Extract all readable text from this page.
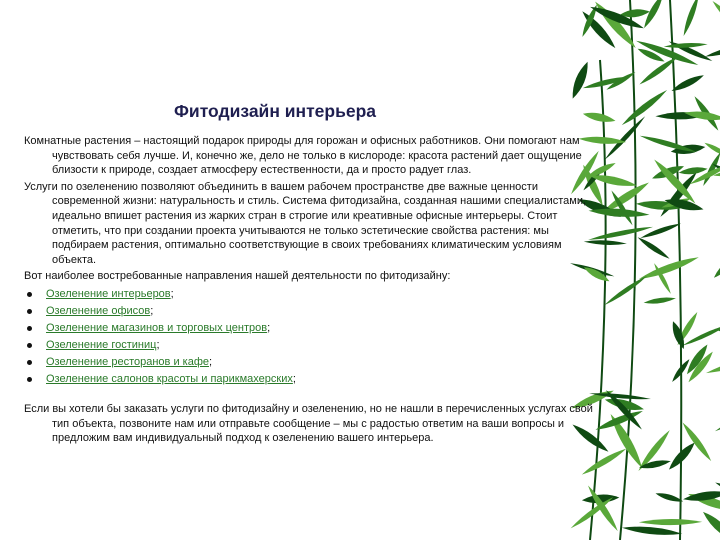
Фитодизайн интерьера

Комнатные растения – настоящий подарок природы для горожан и офисных работников. Они помогают нам чувствовать себя лучше. И, конечно же, дело не только в кислороде: красота растений дает ощущение близости к природе, создает атмосферу естественности, да и просто радует глаз.

Услуги по озеленению позволяют объединить в вашем рабочем пространстве две важные ценности современной жизни: натуральность и стиль. Система фитодизайна, созданная нашими специалистами, идеально впишет растения из жарких стран в строгие или креативные офисные интерьеры. Стоит отметить, что при создании проекта учитываются не только эстетические свойства растения: мы подбираем растения, оптимально соответствующие в своих требованиях климатическим условиям объекта.

Вот наиболее востребованные направления нашей деятельности по фитодизайну:

Озеленение интерьеров;
Озеленение офисов;
Озеленение магазинов и торговых центров;
Озеленение гостиниц;
Озеленение ресторанов и кафе;
Озеленение салонов красоты и парикмахерских;

Если вы хотели бы заказать услуги по фитодизайну и озеленению, но не нашли в перечисленных услугах свой тип объекта, позвоните нам или отправьте сообщение – мы с радостью ответим на ваши вопросы и предложим вам индивидуальный подход к озеленению вашего интерьера.
